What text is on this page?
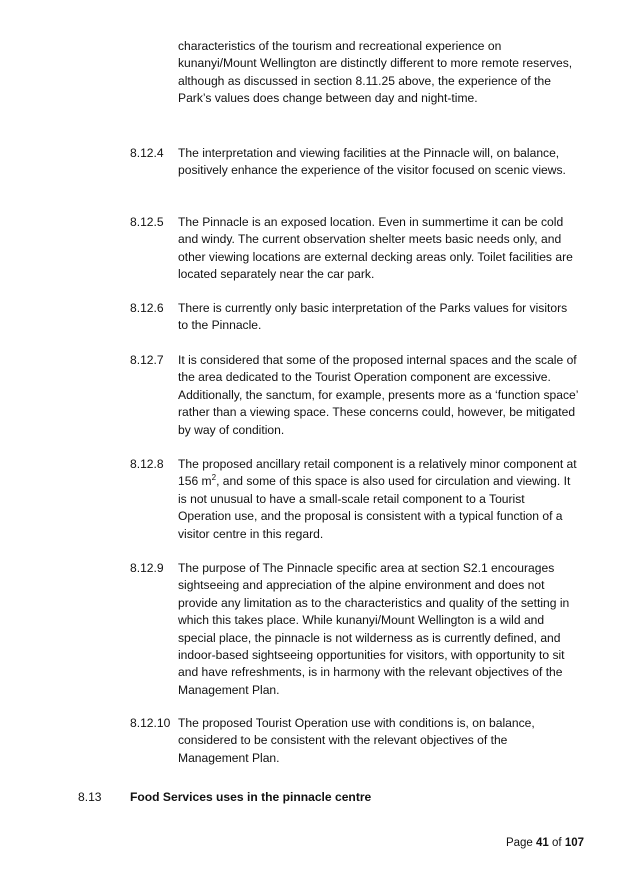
characteristics of the tourism and recreational experience on kunanyi/Mount Wellington are distinctly different to more remote reserves, although as discussed in section 8.11.25 above, the experience of the Park’s values does change between day and night-time.

8.12.4 The interpretation and viewing facilities at the Pinnacle will, on balance, positively enhance the experience of the visitor focused on scenic views.

8.12.5 The Pinnacle is an exposed location. Even in summertime it can be cold and windy. The current observation shelter meets basic needs only, and other viewing locations are external decking areas only. Toilet facilities are located separately near the car park.

8.12.6 There is currently only basic interpretation of the Parks values for visitors to the Pinnacle.

8.12.7 It is considered that some of the proposed internal spaces and the scale of the area dedicated to the Tourist Operation component are excessive. Additionally, the sanctum, for example, presents more as a ‘function space’ rather than a viewing space. These concerns could, however, be mitigated by way of condition.

8.12.8 The proposed ancillary retail component is a relatively minor component at 156 $m^2$, and some of this space is also used for circulation and viewing. It is not unusual to have a small-scale retail component to a Tourist Operation use, and the proposal is consistent with a typical function of a visitor centre in this regard.

8.12.9 The purpose of The Pinnacle specific area at section S2.1 encourages sightseeing and appreciation of the alpine environment and does not provide any limitation as to the characteristics and quality of the setting in which this takes place. While kunanyi/Mount Wellington is a wild and special place, the pinnacle is not wilderness as is currently defined, and indoor-based sightseeing opportunities for visitors, with opportunity to sit and have refreshments, is in harmony with the relevant objectives of the Management Plan.

8.12.10 The proposed Tourist Operation use with conditions is, on balance, considered to be consistent with the relevant objectives of the Management Plan.

8.13 Food Services uses in the pinnacle centre
Page 41 of 107
